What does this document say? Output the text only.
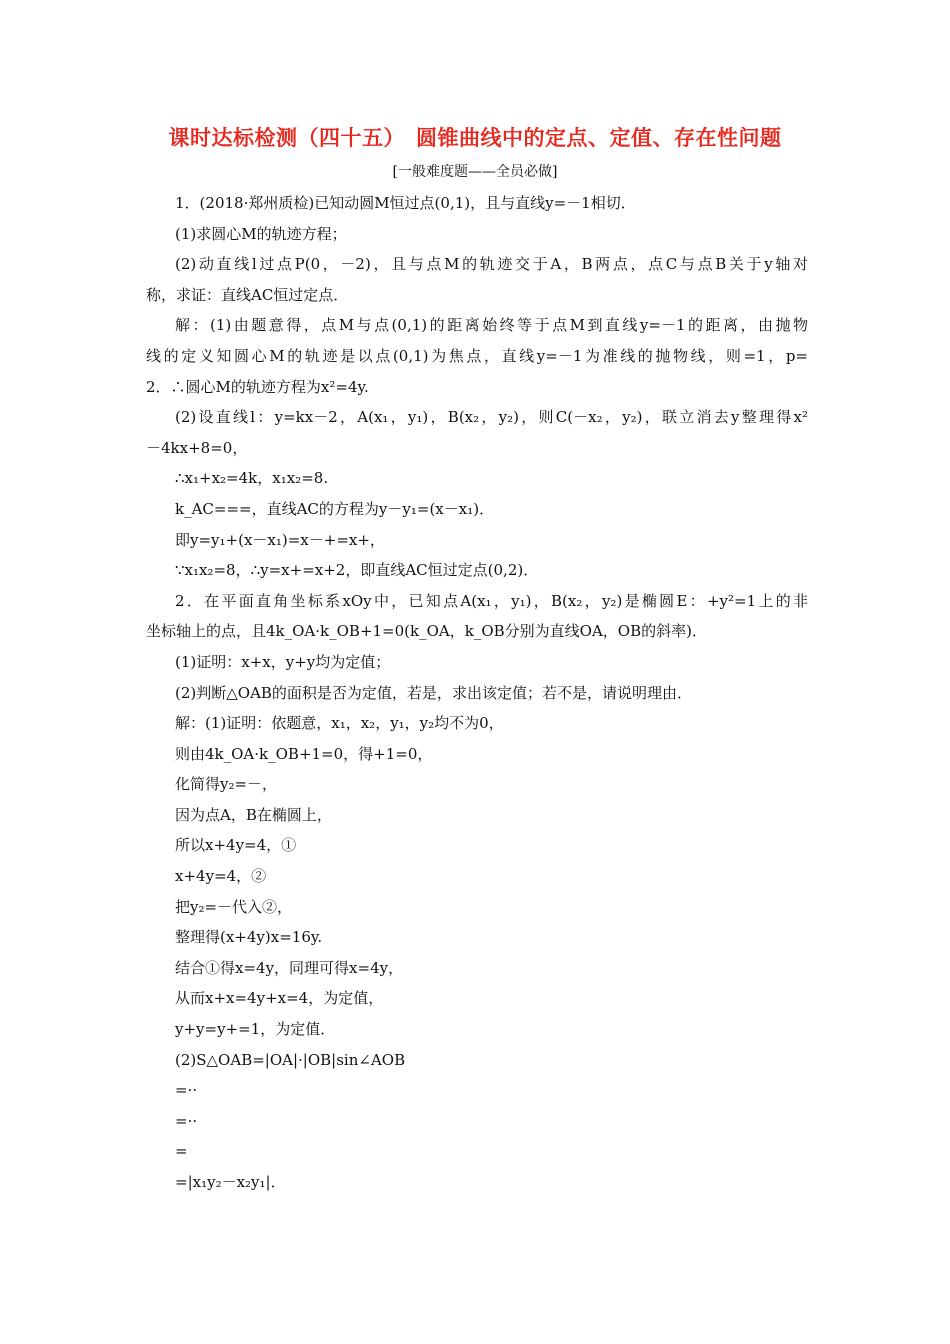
课时达标检测（四十五）　圆锥曲线中的定点、定值、存在性问题
[一般难度题——全员必做]
1．(2018·郑州质检)已知动圆M恒过点(0,1)，且与直线y=－1相切．
(1)求圆心M的轨迹方程；
(2)动直线l过点P(0，－2)，且与点M的轨迹交于A，B两点，点C与点B关于y轴对
称，求证：直线AC恒过定点．
解：(1)由题意得，点M与点(0,1)的距离始终等于点M到直线y=－1的距离，由抛物
线的定义知圆心M的轨迹是以点(0,1)为焦点，直线y=－1为准线的抛物线，则=1，p=
2．∴圆心M的轨迹方程为x²=4y.
(2)设直线l：y=kx－2，A(x₁，y₁)，B(x₂，y₂)，则C(－x₂，y₂)，联立消去y整理得x²
－4kx+8=0，
∴x₁+x₂=4k，x₁x₂=8.
k_AC===，直线AC的方程为y－y₁=(x－x₁)．
即y=y₁+(x－x₁)=x－+=x+，
∵x₁x₂=8，∴y=x+=x+2，即直线AC恒过定点(0,2)．
2．在平面直角坐标系xOy中，已知点A(x₁，y₁)，B(x₂，y₂)是椭圆E：+y²=1上的非
坐标轴上的点，且4k_OA·k_OB+1=0(k_OA，k_OB分别为直线OA，OB的斜率)．
(1)证明：x+x，y+y均为定值；
(2)判断△OAB的面积是否为定值，若是，求出该定值；若不是，请说明理由．
解：(1)证明：依题意，x₁，x₂，y₁，y₂均不为0，
则由4k_OA·k_OB+1=0，得+1=0，
化简得y₂=－，
因为点A，B在椭圆上，
所以x+4y=4，①
x+4y=4，②
把y₂=－代入②，
整理得(x+4y)x=16y.
结合①得x=4y，同理可得x=4y，
从而x+x=4y+x=4，为定值，
y+y=y+=1，为定值．
(2)S△OAB=|OA|·|OB|sin∠AOB
=··
=··
=
=|x₁y₂－x₂y₁|．
